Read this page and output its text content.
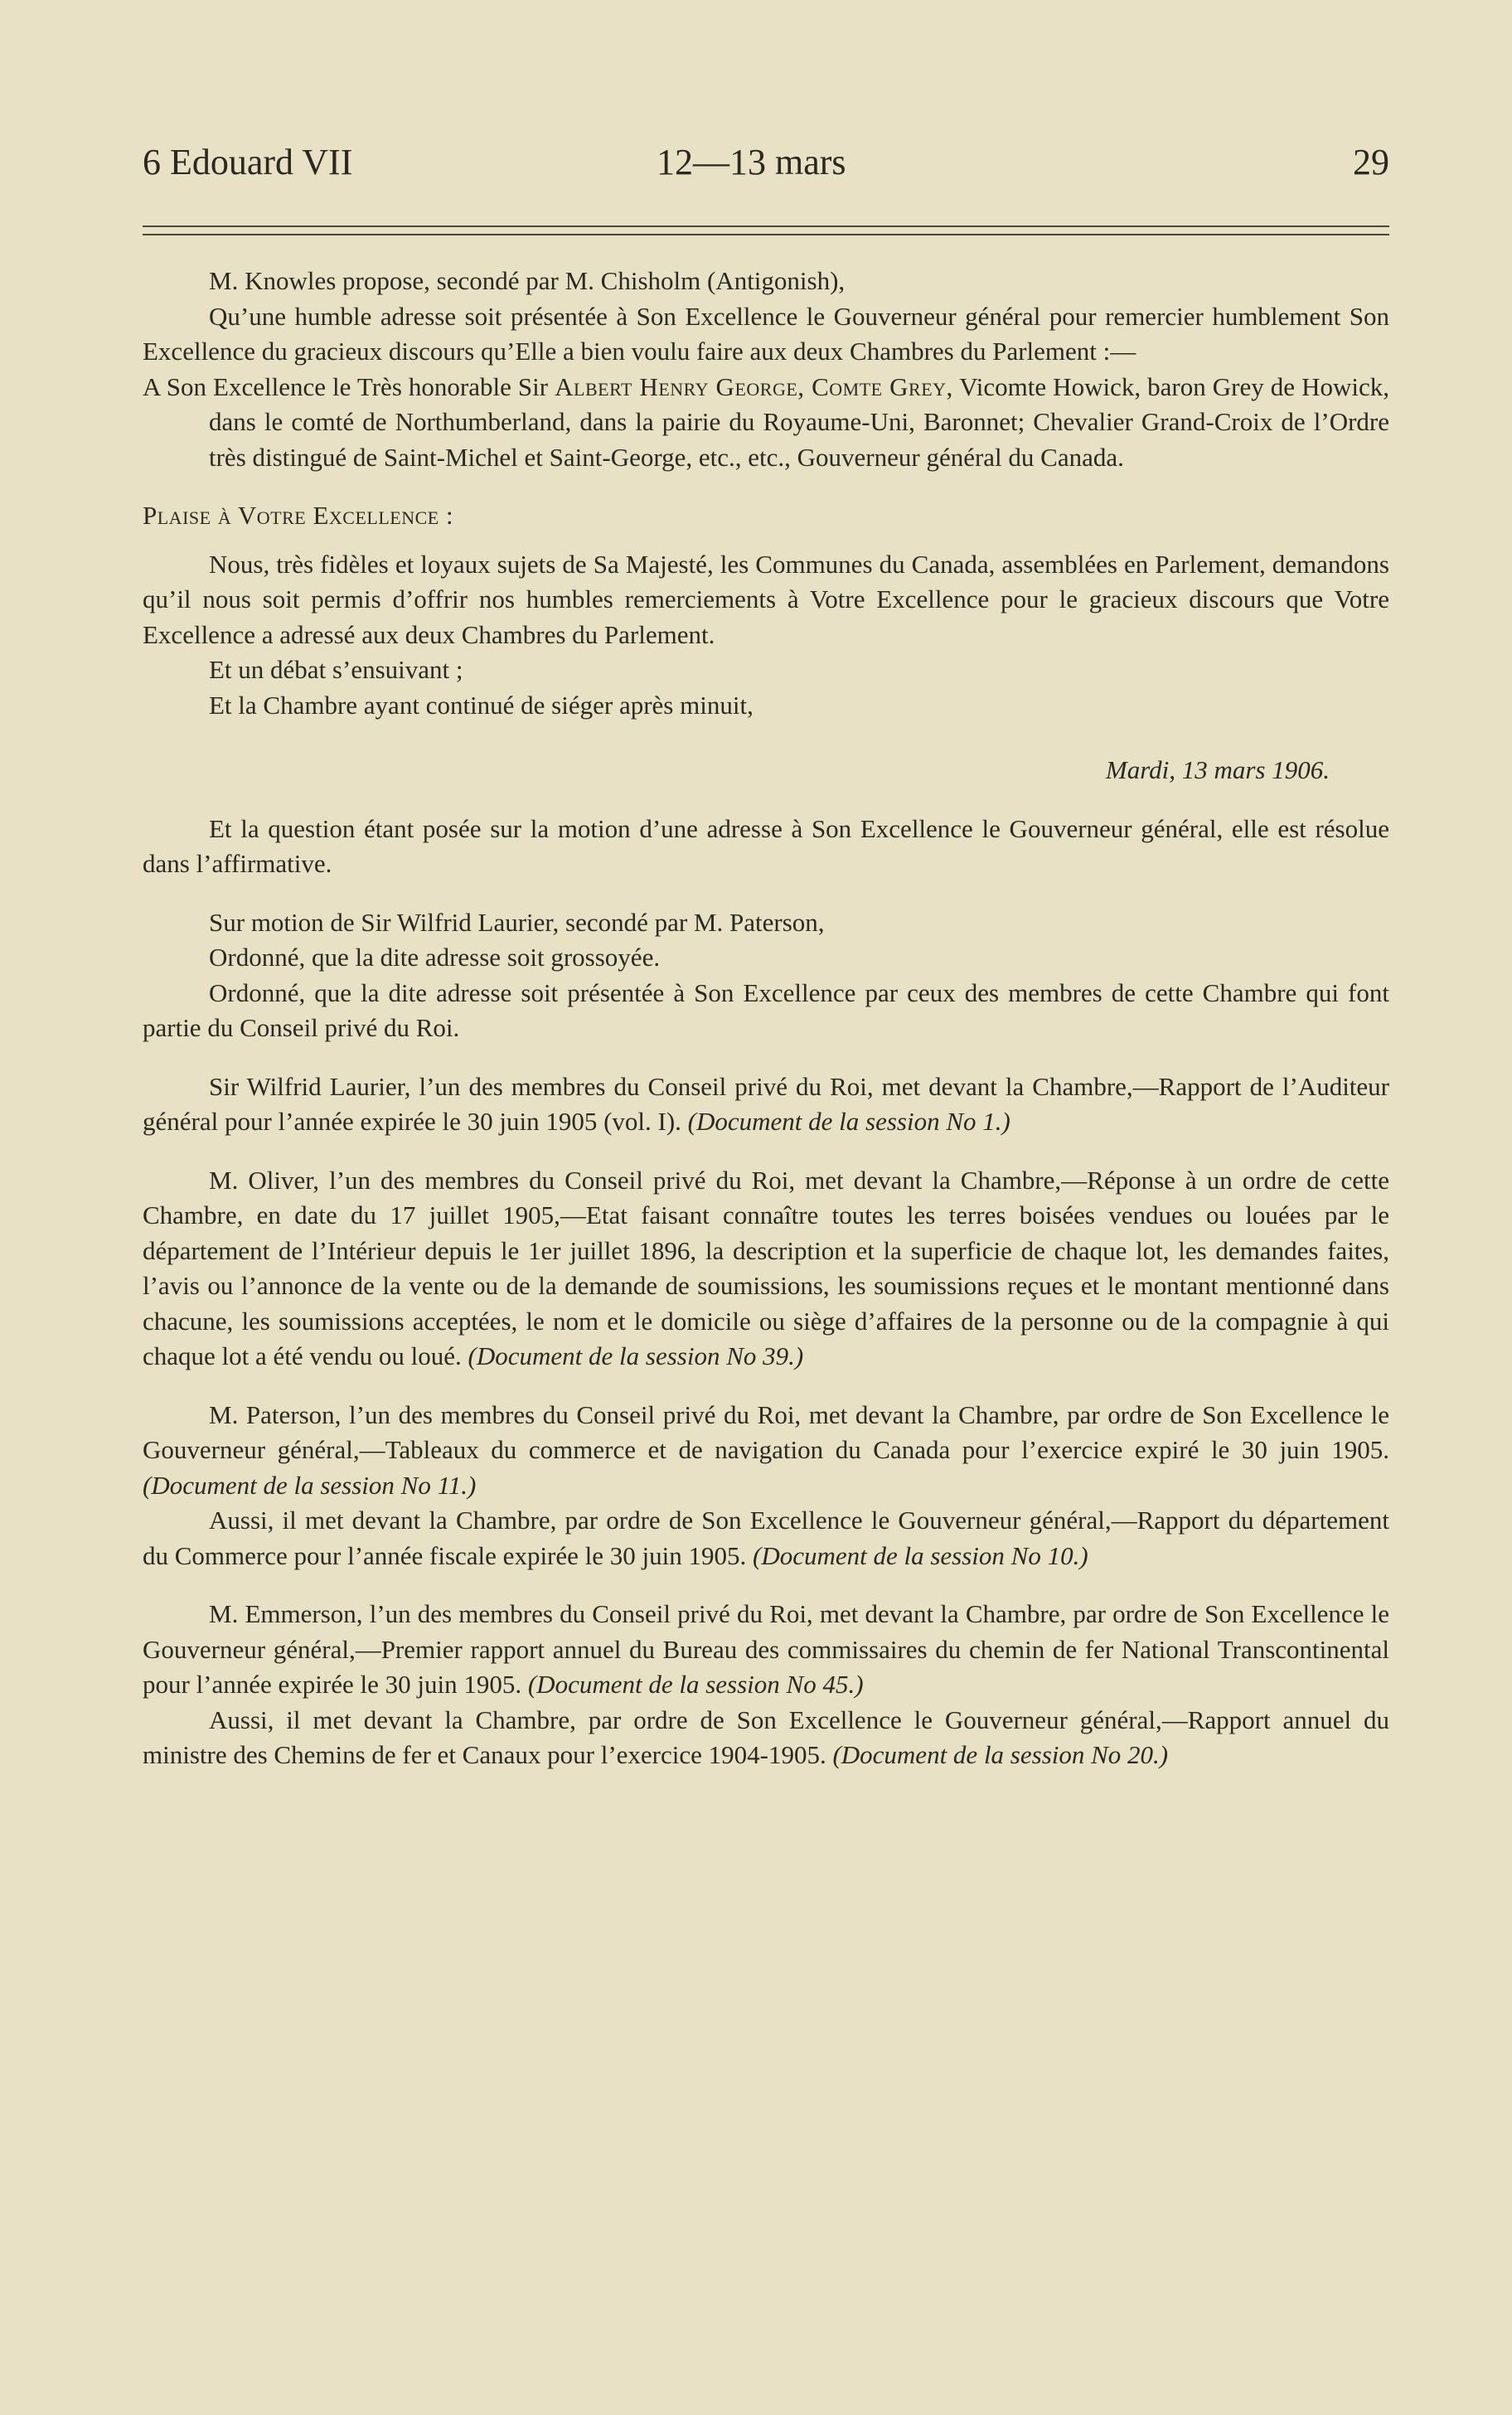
6 Edouard VII	12—13 mars	29

M. Knowles propose, secondé par M. Chisholm (Antigonish),

Qu’une humble adresse soit présentée à Son Excellence le Gouverneur général pour remercier humblement Son Excellence du gracieux discours qu’Elle a bien voulu faire aux deux Chambres du Parlement :—

A Son Excellence le Très honorable Sir Albert Henry George, Comte Grey, Vicomte Howick, baron Grey de Howick, dans le comté de Northumberland, dans la pairie du Royaume-Uni, Baronnet; Chevalier Grand-Croix de l’Ordre très distingué de Saint-Michel et Saint-George, etc., etc., Gouverneur général du Canada.

Plaise à Votre Excellence :

Nous, très fidèles et loyaux sujets de Sa Majesté, les Communes du Canada, assemblées en Parlement, demandons qu’il nous soit permis d’offrir nos humbles remerciements à Votre Excellence pour le gracieux discours que Votre Excellence a adressé aux deux Chambres du Parlement.

Et un débat s’ensuivant ;

Et la Chambre ayant continué de siéger après minuit,

Mardi, 13 mars 1906.

Et la question étant posée sur la motion d’une adresse à Son Excellence le Gouverneur général, elle est résolue dans l’affirmative.

Sur motion de Sir Wilfrid Laurier, secondé par M. Paterson,

Ordonné, que la dite adresse soit grossoyée.

Ordonné, que la dite adresse soit présentée à Son Excellence par ceux des membres de cette Chambre qui font partie du Conseil privé du Roi.

Sir Wilfrid Laurier, l’un des membres du Conseil privé du Roi, met devant la Chambre,—Rapport de l’Auditeur général pour l’année expirée le 30 juin 1905 (vol. I). (Document de la session No 1.)

M. Oliver, l’un des membres du Conseil privé du Roi, met devant la Chambre,—Réponse à un ordre de cette Chambre, en date du 17 juillet 1905,—Etat faisant connaître toutes les terres boisées vendues ou louées par le département de l’Intérieur depuis le 1er juillet 1896, la description et la superficie de chaque lot, les demandes faites, l’avis ou l’annonce de la vente ou de la demande de soumissions, les soumissions reçues et le montant mentionné dans chacune, les soumissions acceptées, le nom et le domicile ou siège d’affaires de la personne ou de la compagnie à qui chaque lot a été vendu ou loué. (Document de la session No 39.)

M. Paterson, l’un des membres du Conseil privé du Roi, met devant la Chambre, par ordre de Son Excellence le Gouverneur général,—Tableaux du commerce et de navigation du Canada pour l’exercice expiré le 30 juin 1905. (Document de la session No 11.)

Aussi, il met devant la Chambre, par ordre de Son Excellence le Gouverneur général,—Rapport du département du Commerce pour l’année fiscale expirée le 30 juin 1905. (Document de la session No 10.)

M. Emmerson, l’un des membres du Conseil privé du Roi, met devant la Chambre, par ordre de Son Excellence le Gouverneur général,—Premier rapport annuel du Bureau des commissaires du chemin de fer National Transcontinental pour l’année expirée le 30 juin 1905. (Document de la session No 45.)

Aussi, il met devant la Chambre, par ordre de Son Excellence le Gouverneur général,—Rapport annuel du ministre des Chemins de fer et Canaux pour l’exercice 1904-1905. (Document de la session No 20.)
